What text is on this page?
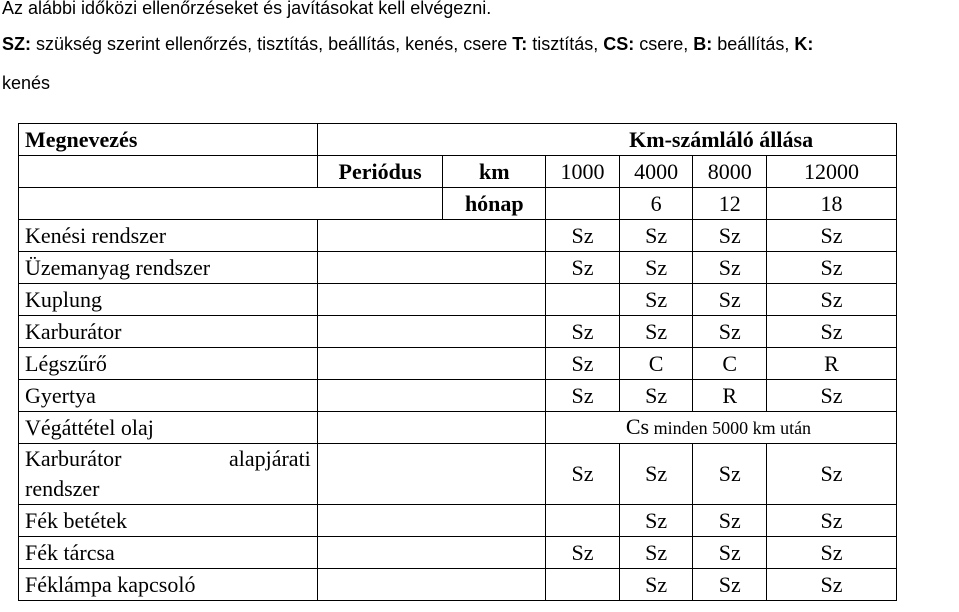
Az alábbi időközi ellenőrzéseket és javításokat kell elvégezni.
SZ: szükség szerint ellenőrzés, tisztítás, beállítás, kenés, csere T: tisztítás, CS: csere, B: beállítás, K:
kenés
Megnevezés			Km-számláló állása			
	Periódus	km	1000	4000	8000	12000
		hónap		6	12	18
Kenési rendszer			Sz	Sz	Sz	Sz
Üzemanyag rendszer			Sz	Sz	Sz	Sz
Kuplung				Sz	Sz	Sz
Karburátor			Sz	Sz	Sz	Sz
Légszűrő			Sz	C	C	R
Gyertya			Sz	Sz	R	Sz
Végáttétel olaj				Cs minden 5000 km után		

Karburátor alapjárati
rendszer			Sz	Sz	Sz	Sz
Fék betétek				Sz	Sz	Sz
Fék tárcsa			Sz	Sz	Sz	Sz
Féklámpa kapcsoló				Sz	Sz	Sz
